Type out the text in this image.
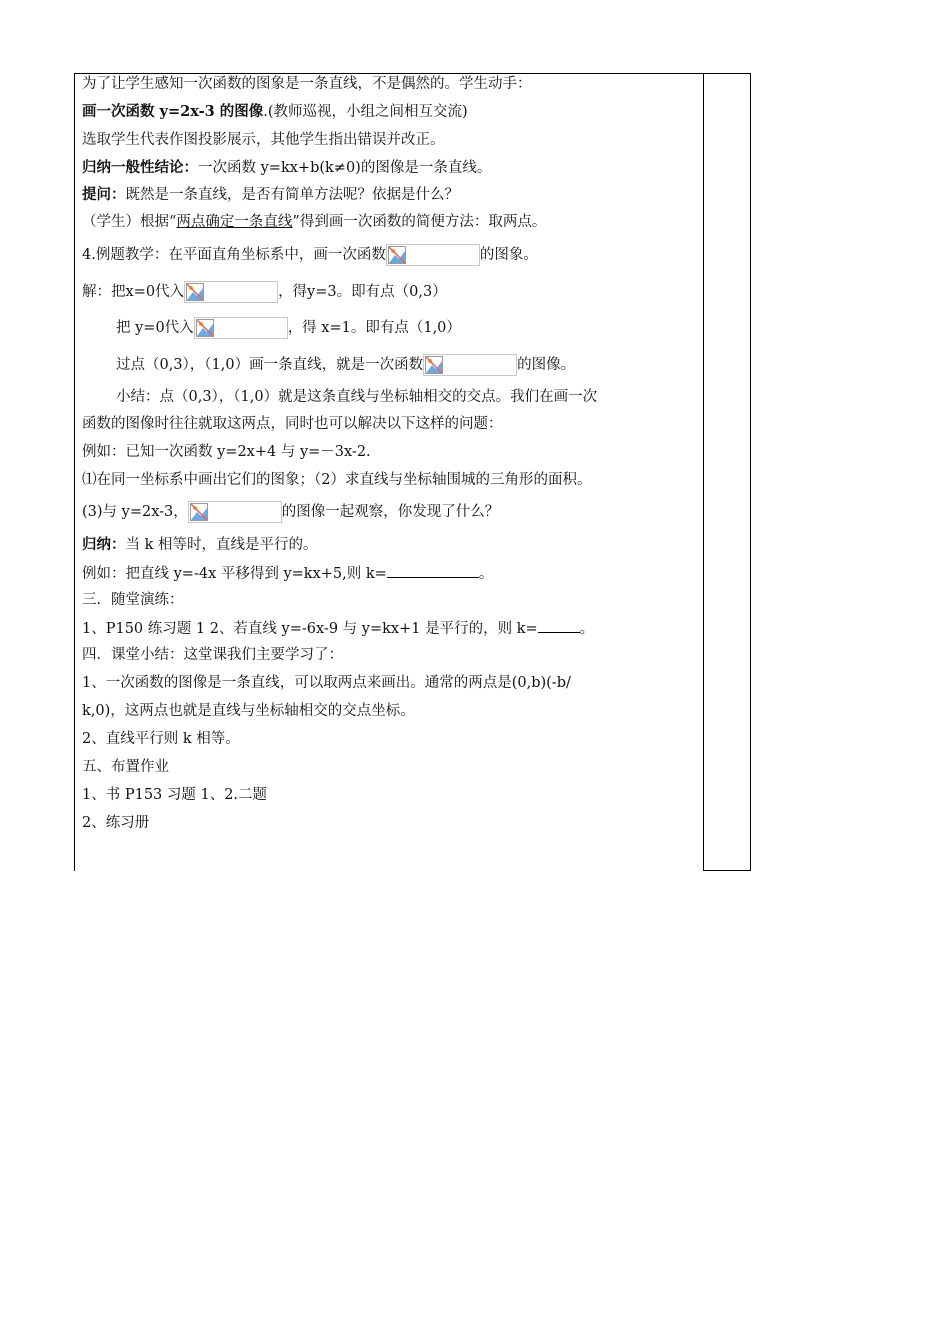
为了让学生感知一次函数的图象是一条直线，不是偶然的。学生动手：
画一次函数 y=2x-3 的图像.(教师巡视，小组之间相互交流)
选取学生代表作图投影展示，其他学生指出错误并改正。
归纳一般性结论：一次函数 y=kx+b(k≠0)的图像是一条直线。
提问：既然是一条直线，是否有简单方法呢？依据是什么？
（学生）根据“两点确定一条直线”得到画一次函数的简便方法：取两点。
4.例题教学：在平面直角坐标系中，画一次函数	的图象。
解：把x=0代入	，得y=3。即有点（0,3）
把 y=0代入	，得 x=1。即有点（1,0）
过点（0,3），（1,0）画一条直线，就是一次函数	的图像。
小结：点（0,3），（1,0）就是这条直线与坐标轴相交的交点。我们在画一次
函数的图像时往往就取这两点，同时也可以解决以下这样的问题：
例如：已知一次函数 y=2x+4 与 y=－3x-2.
⑴在同一坐标系中画出它们的图象；（2）求直线与坐标轴围城的三角形的面积。
(3)与 y=2x-3，	的图像一起观察，你发现了什么？
归纳：当 k 相等时，直线是平行的。
例如：把直线 y=-4x 平移得到 y=kx+5,则 k=	。
三．随堂演练：
1、P150 练习题 1 2、若直线 y=-6x-9 与 y=kx+1 是平行的，则 k=	。
四．课堂小结：这堂课我们主要学习了：
1、一次函数的图像是一条直线，可以取两点来画出。通常的两点是(0,b)(-b/
k,0)，这两点也就是直线与坐标轴相交的交点坐标。
2、直线平行则 k 相等。
五、布置作业
1、书 P153 习题 1、2.二题
2、练习册
